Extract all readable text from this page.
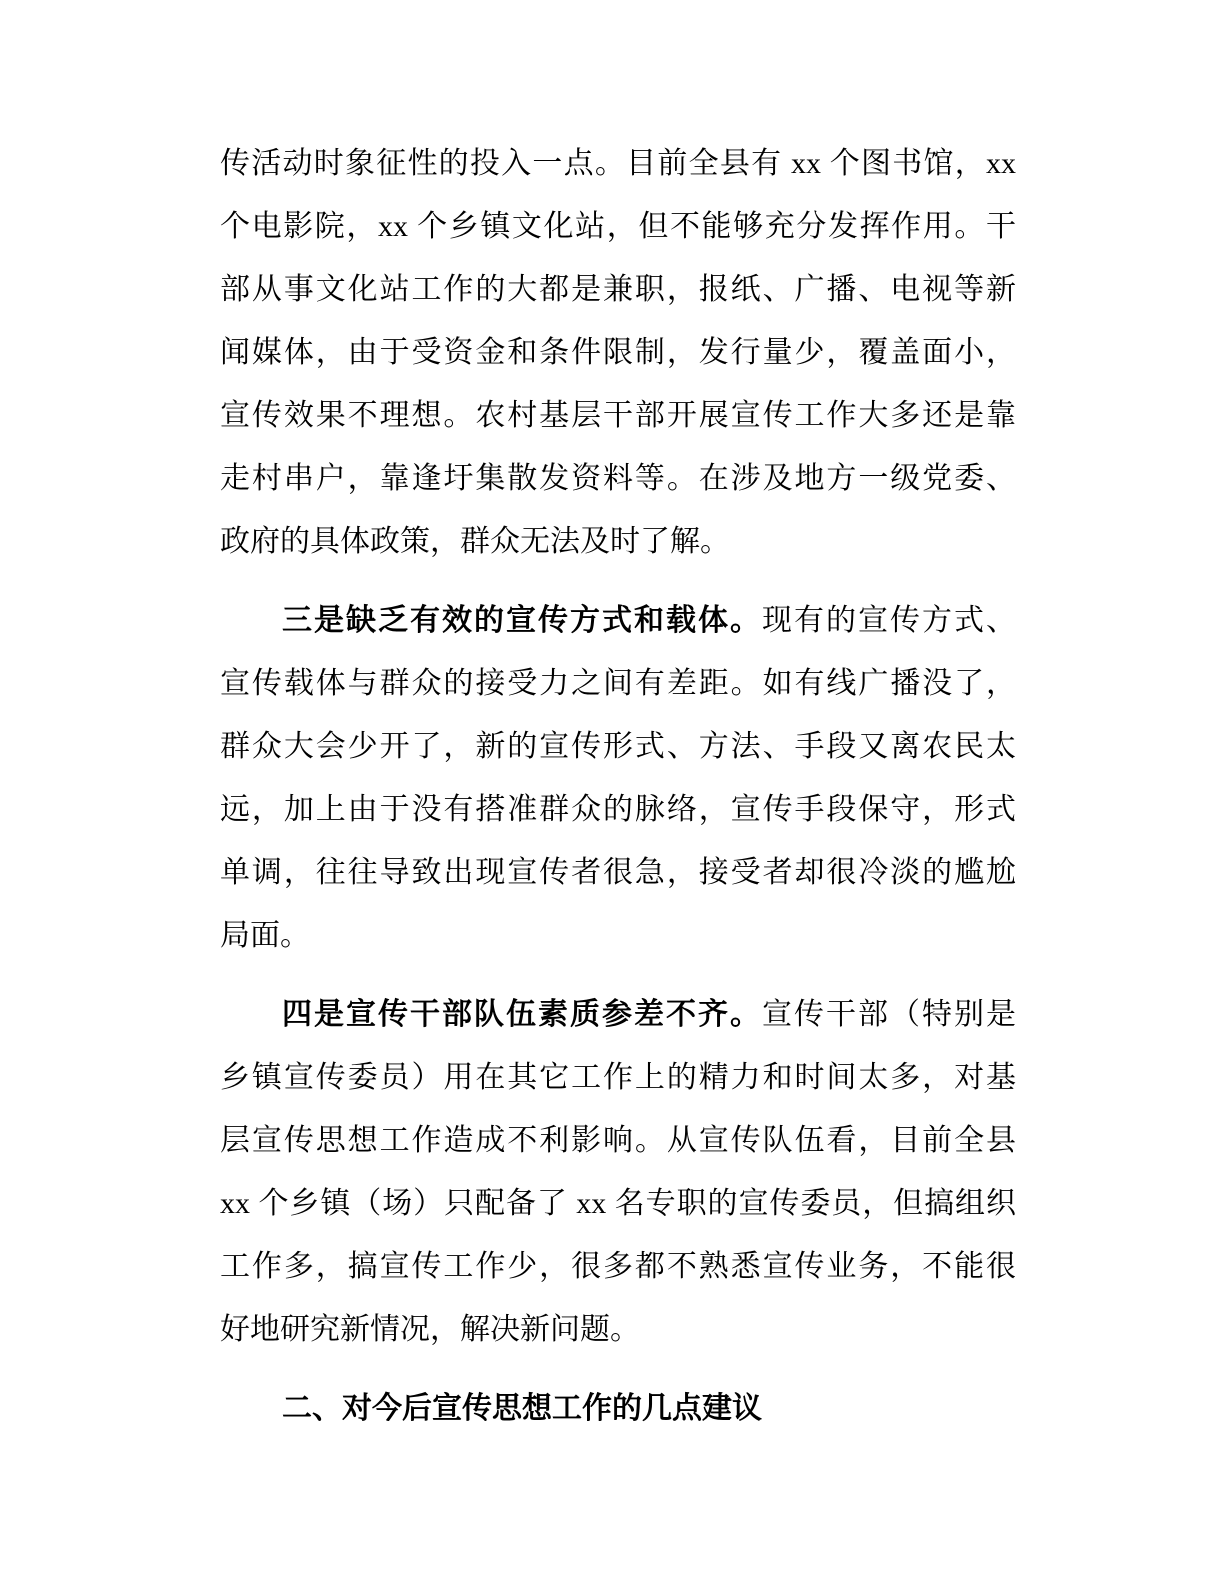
传活动时象征性的投入一点。目前全县有 xx 个图书馆，xx
个电影院，xx 个乡镇文化站，但不能够充分发挥作用。干
部从事文化站工作的大都是兼职，报纸、广播、电视等新
闻媒体，由于受资金和条件限制，发行量少，覆盖面小，
宣传效果不理想。农村基层干部开展宣传工作大多还是靠
走村串户，靠逢圩集散发资料等。在涉及地方一级党委、
政府的具体政策，群众无法及时了解。
三是缺乏有效的宣传方式和载体。现有的宣传方式、
宣传载体与群众的接受力之间有差距。如有线广播没了，
群众大会少开了，新的宣传形式、方法、手段又离农民太
远，加上由于没有搭准群众的脉络，宣传手段保守，形式
单调，往往导致出现宣传者很急，接受者却很冷淡的尴尬
局面。
四是宣传干部队伍素质参差不齐。宣传干部（特别是
乡镇宣传委员）用在其它工作上的精力和时间太多，对基
层宣传思想工作造成不利影响。从宣传队伍看，目前全县
xx 个乡镇（场）只配备了 xx 名专职的宣传委员，但搞组织
工作多，搞宣传工作少，很多都不熟悉宣传业务，不能很
好地研究新情况，解决新问题。
二、对今后宣传思想工作的几点建议
